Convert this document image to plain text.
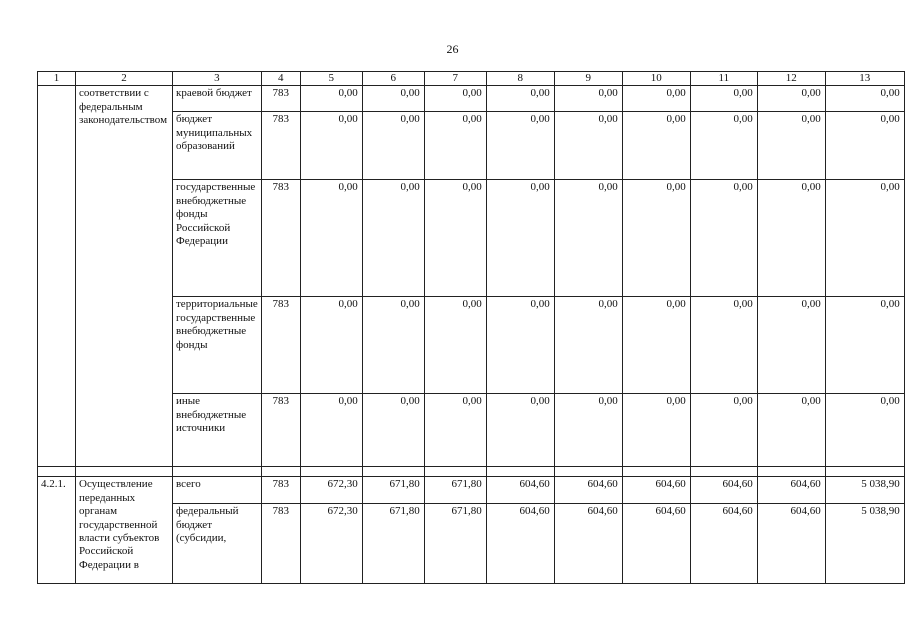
26
1	2	3	4	5	6	7	8	9	10	11	12	13
	соответствии с федеральным законодательством	краевой бюджет	783	0,00	0,00	0,00	0,00	0,00	0,00	0,00	0,00	0,00
		бюджет муниципальных образований	783	0,00	0,00	0,00	0,00	0,00	0,00	0,00	0,00	0,00
		государственные внебюджетные фонды Российской Федерации	783	0,00	0,00	0,00	0,00	0,00	0,00	0,00	0,00	0,00
		территориальные государственные внебюджетные фонды	783	0,00	0,00	0,00	0,00	0,00	0,00	0,00	0,00	0,00
		иные внебюджетные источники	783	0,00	0,00	0,00	0,00	0,00	0,00	0,00	0,00	0,00

4.2.1.	Осуществление переданных органам государственной власти субъектов Российской Федерации в	всего	783	672,30	671,80	671,80	604,60	604,60	604,60	604,60	604,60	5 038,90
		федеральный бюджет (субсидии,	783	672,30	671,80	671,80	604,60	604,60	604,60	604,60	604,60	5 038,90
